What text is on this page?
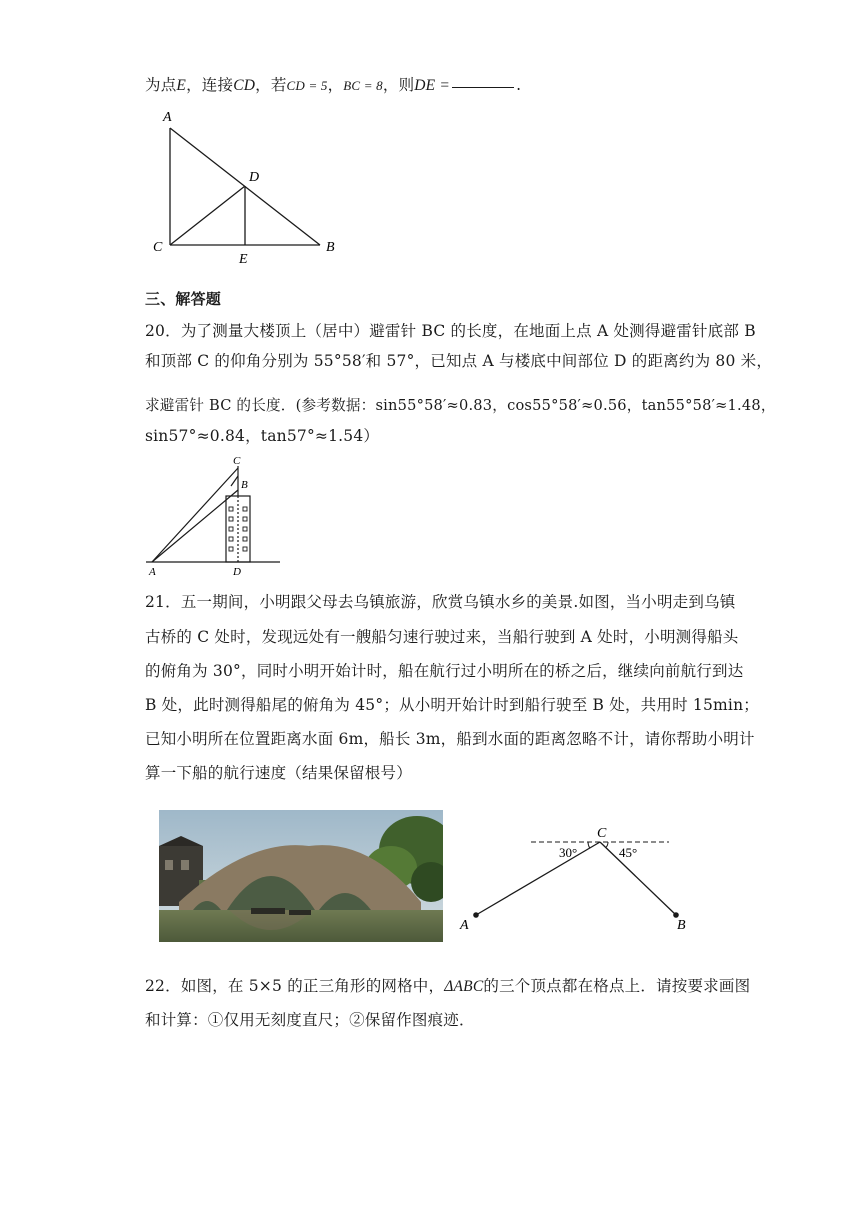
为点E，连接CD，若CD = 5，BC = 8，则DE =	.
A
D
C	B
E
三、解答题
20．为了测量大楼顶上（居中）避雷针 BC 的长度，在地面上点 A 处测得避雷针底部 B
和顶部 C 的仰角分别为 55°58′和 57°，已知点 A 与楼底中间部位 D 的距离约为 80 米，
求避雷针 BC 的长度．(参考数据：sin55°58′≈0.83，cos55°58′≈0.56，tan55°58′≈1.48，
sin57°≈0.84，tan57°≈1.54）
C
B
A	D
21．五一期间，小明跟父母去乌镇旅游，欣赏乌镇水乡的美景.如图，当小明走到乌镇
古桥的 C 处时，发现远处有一艘船匀速行驶过来，当船行驶到 A 处时，小明测得船头
的俯角为 30°，同时小明开始计时，船在航行过小明所在的桥之后，继续向前航行到达
B 处，此时测得船尾的俯角为 45°；从小明开始计时到船行驶至 B 处，共用时 15min；
已知小明所在位置距离水面 6m，船长 3m，船到水面的距离忽略不计，请你帮助小明计
算一下船的航行速度（结果保留根号）
C
30°	45°
A	B
22．如图，在 5×5 的正三角形的网格中，ΔABC的三个顶点都在格点上．请按要求画图
和计算：①仅用无刻度直尺；②保留作图痕迹．
